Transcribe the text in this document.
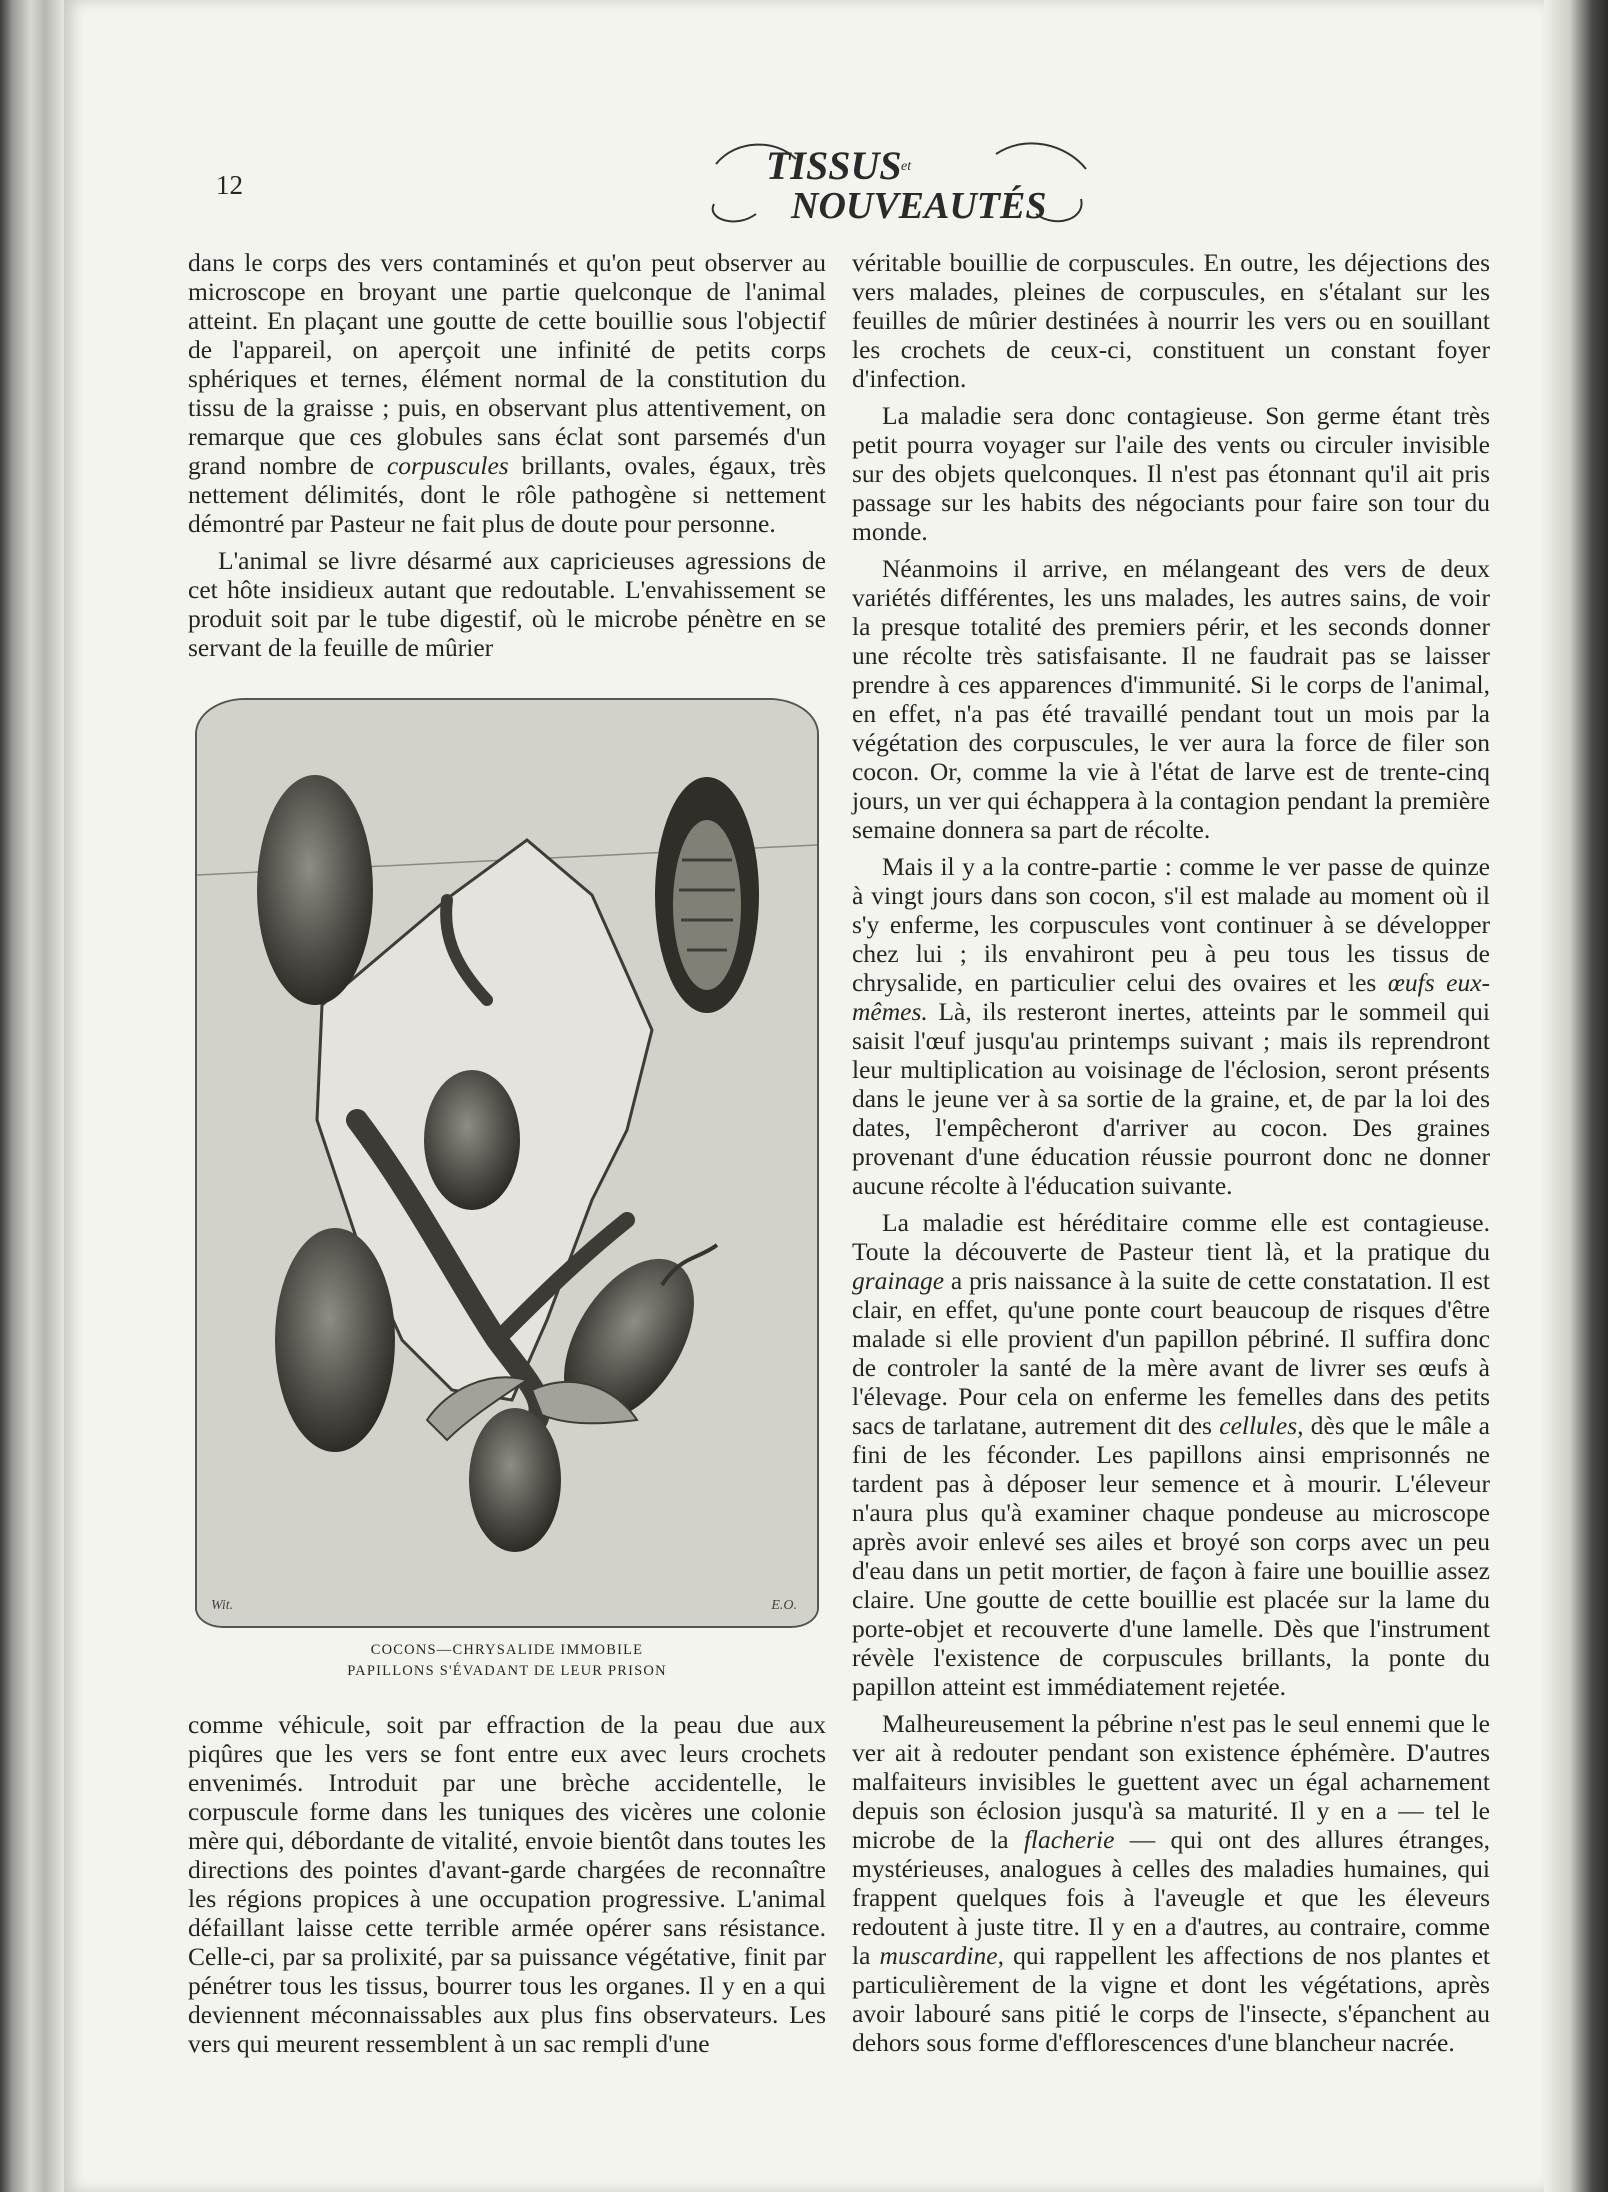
12	TISSUS et
NOUVEAUTÉS

dans le corps des vers contaminés et qu'on peut observer au microscope en broyant une partie quelconque de l'animal atteint. En plaçant une goutte de cette bouillie sous l'objectif de l'appareil, on aperçoit une infinité de petits corps sphériques et ternes, élément normal de la constitution du tissu de la graisse ; puis, en observant plus attentivement, on remarque que ces globules sans éclat sont parsemés d'un grand nombre de corpuscules brillants, ovales, égaux, très nettement délimités, dont le rôle pathogène si nettement démontré par Pasteur ne fait plus de doute pour personne.

L'animal se livre désarmé aux capricieuses agressions de cet hôte insidieux autant que redoutable. L'envahissement se produit soit par le tube digestif, où le microbe pénètre en se servant de la feuille de mûrier

Wit.	E.O.
COCONS—CHRYSALIDE IMMOBILE
PAPILLONS S'ÉVADANT DE LEUR PRISON

comme véhicule, soit par effraction de la peau due aux piqûres que les vers se font entre eux avec leurs crochets envenimés. Introduit par une brèche accidentelle, le corpuscule forme dans les tuniques des vicères une colonie mère qui, débordante de vitalité, envoie bientôt dans toutes les directions des pointes d'avant-garde chargées de reconnaître les régions propices à une occupation progressive. L'animal défaillant laisse cette terrible armée opérer sans résistance. Celle-ci, par sa prolixité, par sa puissance végétative, finit par pénétrer tous les tissus, bourrer tous les organes. Il y en a qui deviennent méconnaissables aux plus fins observateurs. Les vers qui meurent ressemblent à un sac rempli d'une

véritable bouillie de corpuscules. En outre, les déjections des vers malades, pleines de corpuscules, en s'étalant sur les feuilles de mûrier destinées à nourrir les vers ou en souillant les crochets de ceux-ci, constituent un constant foyer d'infection.

La maladie sera donc contagieuse. Son germe étant très petit pourra voyager sur l'aile des vents ou circuler invisible sur des objets quelconques. Il n'est pas étonnant qu'il ait pris passage sur les habits des négociants pour faire son tour du monde.

Néanmoins il arrive, en mélangeant des vers de deux variétés différentes, les uns malades, les autres sains, de voir la presque totalité des premiers périr, et les seconds donner une récolte très satisfaisante. Il ne faudrait pas se laisser prendre à ces apparences d'immunité. Si le corps de l'animal, en effet, n'a pas été travaillé pendant tout un mois par la végétation des corpuscules, le ver aura la force de filer son cocon. Or, comme la vie à l'état de larve est de trente-cinq jours, un ver qui échappera à la contagion pendant la première semaine donnera sa part de récolte.

Mais il y a la contre-partie : comme le ver passe de quinze à vingt jours dans son cocon, s'il est malade au moment où il s'y enferme, les corpuscules vont continuer à se développer chez lui ; ils envahiront peu à peu tous les tissus de chrysalide, en particulier celui des ovaires et les œufs eux-mêmes. Là, ils resteront inertes, atteints par le sommeil qui saisit l'œuf jusqu'au printemps suivant ; mais ils reprendront leur multiplication au voisinage de l'éclosion, seront présents dans le jeune ver à sa sortie de la graine, et, de par la loi des dates, l'empêcheront d'arriver au cocon. Des graines provenant d'une éducation réussie pourront donc ne donner aucune récolte à l'éducation suivante.

La maladie est héréditaire comme elle est contagieuse. Toute la découverte de Pasteur tient là, et la pratique du grainage a pris naissance à la suite de cette constatation. Il est clair, en effet, qu'une ponte court beaucoup de risques d'être malade si elle provient d'un papillon pébriné. Il suffira donc de controler la santé de la mère avant de livrer ses œufs à l'élevage. Pour cela on enferme les femelles dans des petits sacs de tarlatane, autrement dit des cellules, dès que le mâle a fini de les féconder. Les papillons ainsi emprisonnés ne tardent pas à déposer leur semence et à mourir. L'éleveur n'aura plus qu'à examiner chaque pondeuse au microscope après avoir enlevé ses ailes et broyé son corps avec un peu d'eau dans un petit mortier, de façon à faire une bouillie assez claire. Une goutte de cette bouillie est placée sur la lame du porte-objet et recouverte d'une lamelle. Dès que l'instrument révèle l'existence de corpuscules brillants, la ponte du papillon atteint est immédiatement rejetée.

Malheureusement la pébrine n'est pas le seul ennemi que le ver ait à redouter pendant son existence éphémère. D'autres malfaiteurs invisibles le guettent avec un égal acharnement depuis son éclosion jusqu'à sa maturité. Il y en a — tel le microbe de la flacherie — qui ont des allures étranges, mystérieuses, analogues à celles des maladies humaines, qui frappent quelques fois à l'aveugle et que les éleveurs redoutent à juste titre. Il y en a d'autres, au contraire, comme la muscardine, qui rappellent les affections de nos plantes et particulièrement de la vigne et dont les végétations, après avoir labouré sans pitié le corps de l'insecte, s'épanchent au dehors sous forme d'efflorescences d'une blancheur nacrée.
